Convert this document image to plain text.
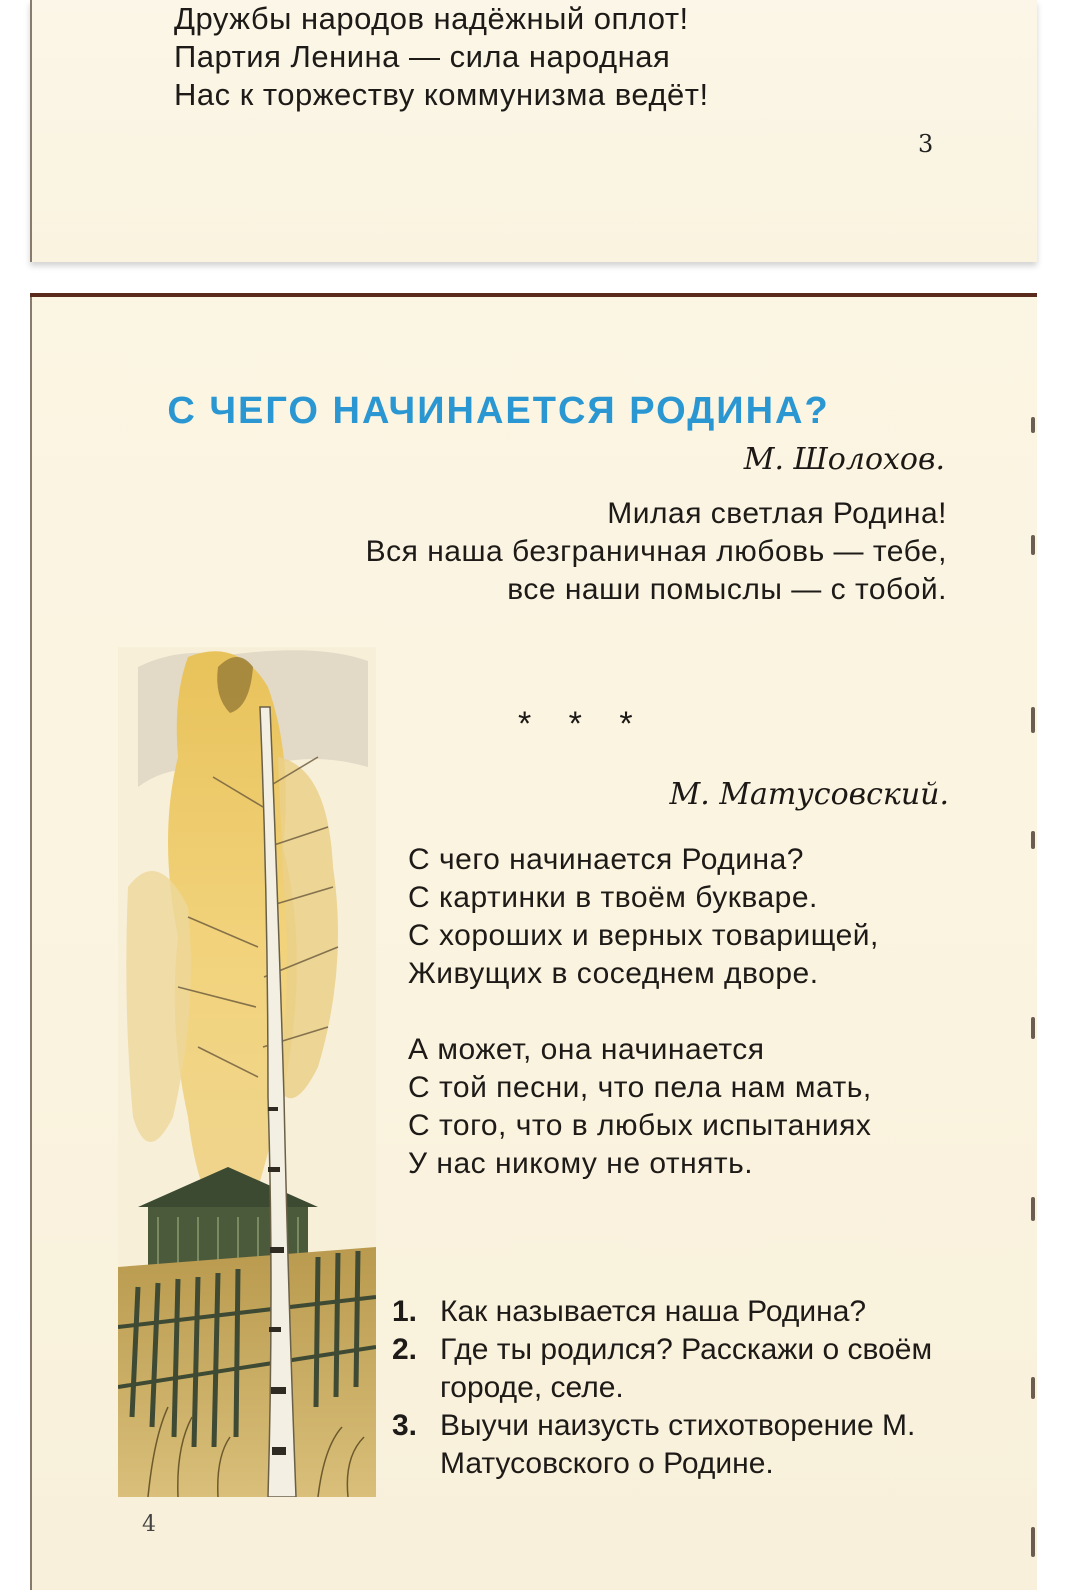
Дружбы народов надёжный оплот!
Партия Ленина — сила народная
Нас к торжеству коммунизма ведёт!
3
С ЧЕГО НАЧИНАЕТСЯ РОДИНА?
М. Шолохов.
Милая светлая Родина!
Вся наша безграничная любовь — тебе,
все наши помыслы — с тобой.
* * *
М. Матусовский.
С чего начинается Родина?
С картинки в твоём букваре.
С хороших и верных товарищей,
Живущих в соседнем дворе.
А может, она начинается
С той песни, что пела нам мать,
С того, что в любых испытаниях
У нас никому не отнять.
1. Как называется наша Родина?
2. Где ты родился? Расскажи о своём городе, селе.
3. Выучи наизусть стихотворение М. Матусовского о Родине.
4
